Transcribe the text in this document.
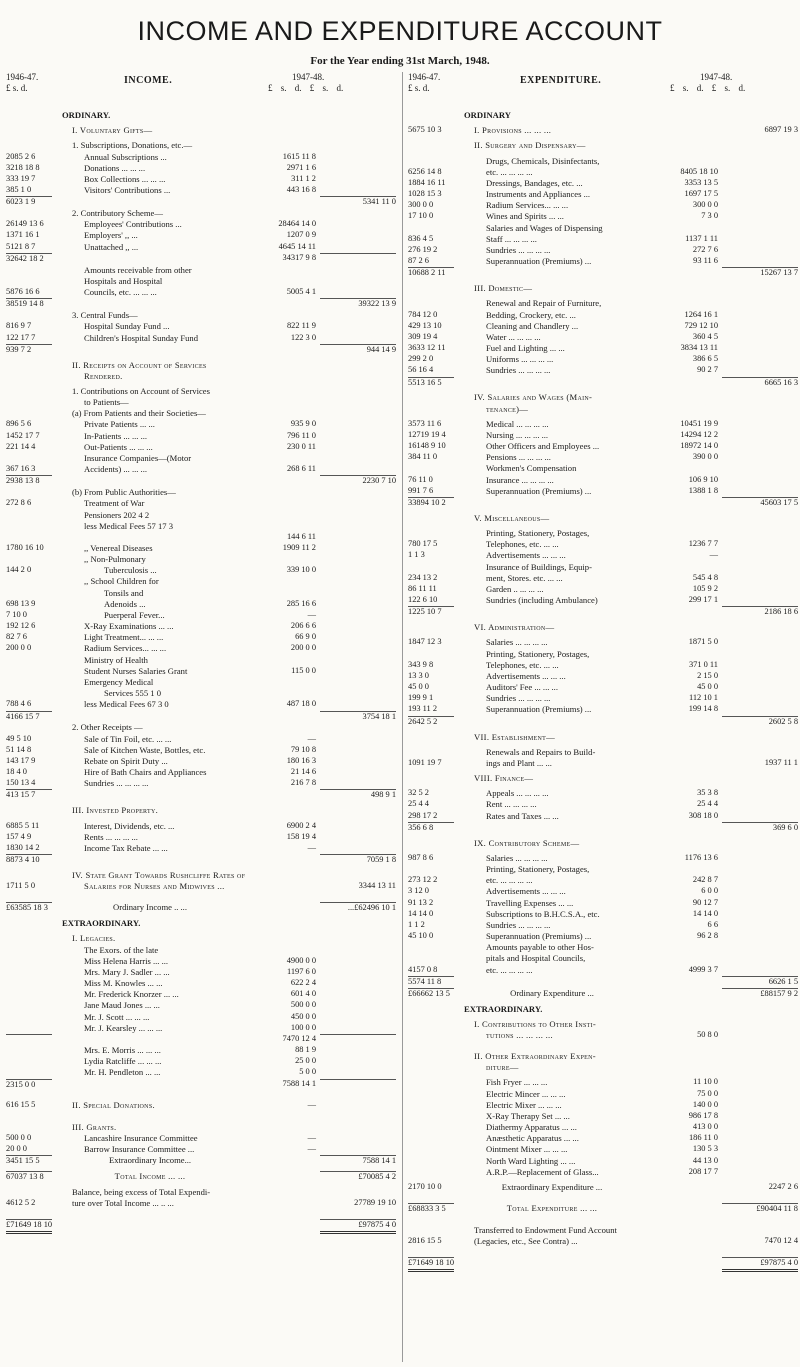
INCOME AND EXPENDITURE ACCOUNT
For the Year ending 31st March, 1948.
1946-47.
£ s. d.
INCOME.	1947-48.
£ s. d. £ s. d.
ORDINARY.
I. Voluntary Gifts—
1. Subscriptions, Donations, etc.—
2085 2 6	Annual Subscriptions ...	1615 11 8
3218 18 8	Donations ... ... ...	2971 1 6
333 19 7	Box Collections ... ... ...	311 1 2
385 1 0	Visitors' Contributions ...	443 16 8
6023 1 9	5341 11 0
2. Contributory Scheme—
26149 13 6	Employees' Contributions ...	28464 14 0
1371 16 1	Employers' ,, ...	1207 0 9
5121 8 7	Unattached ,, ...	4645 14 11
32642 18 2	34317 9 8
Amounts receivable from other
Hospitals and Hospital
5876 16 6	Councils, etc. ... ... ...	5005 4 1
38519 14 8	39322 13 9
3. Central Funds—
816 9 7	Hospital Sunday Fund ...	822 11 9
122 17 7	Children's Hospital Sunday Fund	122 3 0
939 7 2	944 14 9
II. Receipts on Account of Services
Rendered.
1. Contributions on Account of Services
to Patients—
(a) From Patients and their Societies—
896 5 6	Private Patients ... ...	935 9 0
1452 17 7	In-Patients ... ... ...	796 11 0
221 14 4	Out-Patients ... ... ...	230 0 11
Insurance Companies—(Motor
367 16 3	Accidents) ... ... ...	268 6 11
2938 13 8	2230 7 10
(b) From Public Authorities—
272 8 6	Treatment of War
Pensioners 202 4 2
less Medical Fees 57 17 3
144 6 11
1780 16 10	,, Venereal Diseases	1909 11 2
,, Non-Pulmonary
144 2 0	Tuberculosis ...	339 10 0
,, School Children for
Tonsils and
698 13 9	Adenoids ...	285 16 6
7 10 0	Puerperal Fever...	—
192 12 6	X-Ray Examinations ... ...	206 6 6
82 7 6	Light Treatment... ... ...	66 9 0
200 0 0	Radium Services... ... ...	200 0 0
Ministry of Health
Student Nurses Salaries Grant	115 0 0
Emergency Medical
Services 555 1 0
788 4 6	less Medical Fees 67 3 0	487 18 0
4166 15 7	3754 18 1
2. Other Receipts —
49 5 10	Sale of Tin Foil, etc. ... ...	—
51 14 8	Sale of Kitchen Waste, Bottles, etc.	79 10 8
143 17 9	Rebate on Spirit Duty ...	180 16 3
18 4 0	Hire of Bath Chairs and Appliances	21 14 6
150 13 4	Sundries ... ... ... ...	216 7 8
413 15 7	498 9 1
III. Invested Property.
6885 5 11	Interest, Dividends, etc. ...	6900 2 4
157 4 9	Rents ... ... ... ...	158 19 4
1830 14 2	Income Tax Rebate ... ...	—
8873 4 10	7059 1 8
IV. State Grant Towards Rushcliffe Rates of
1711 5 0	Salaries for Nurses and Midwives ...	3344 13 11
£63585 18 3	Ordinary Income .. ...	...£62496 10 1
EXTRAORDINARY.
I. Legacies.
The Exors. of the late
Miss Helena Harris ... ...	4900 0 0
Mrs. Mary J. Sadler ... ...	1197 6 0
Miss M. Knowles ... ...	622 2 4
Mr. Frederick Knorzer ... ...	601 4 0
Jane Maud Jones ... ...	500 0 0
Mr. J. Scott ... ... ...	450 0 0
Mr. J. Kearsley ... ... ...	100 0 0
7470 12 4
Mrs. E. Morris ... ... ...	88 1 9
Lydia Ratcliffe ... ... ...	25 0 0
Mr. H. Pendleton ... ...	5 0 0
2315 0 0	7588 14 1
616 15 5	II. Special Donations.	—
III. Grants.
500 0 0	Lancashire Insurance Committee	—
20 0 0	Barrow Insurance Committee ...	—
3451 15 5	Extraordinary Income...	7588 14 1
67037 13 8	Total Income ... ...	£70085 4 2
Balance, being excess of Total Expendi-
4612 5 2	ture over Total Income ... .. ...	27789 19 10
£71649 18 10	£97875 4 0
1946-47.
£ s. d.
EXPENDITURE.	1947-48.
£ s. d. £ s. d.
ORDINARY
5675 10 3	I. Provisions ... ... ...	6897 19 3
II. Surgery and Dispensary—
Drugs, Chemicals, Disinfectants,
6256 14 8	etc. ... ... ... ...	8405 18 10
1884 16 11	Dressings, Bandages, etc. ...	3353 13 5
1028 15 3	Instruments and Appliances ...	1697 17 5
300 0 0	Radium Services... ... ...	300 0 0
17 10 0	Wines and Spirits ... ...	7 3 0
Salaries and Wages of Dispensing
836 4 5	Staff ... ... ... ...	1137 1 11
276 19 2	Sundries ... ... ... ...	272 7 6
87 2 6	Superannuation (Premiums) ...	93 11 6
10688 2 11	15267 13 7
III. Domestic—
Renewal and Repair of Furniture,
784 12 0	Bedding, Crockery, etc. ...	1264 16 1
429 13 10	Cleaning and Chandlery ...	729 12 10
309 19 4	Water ... ... ... ...	360 4 5
3633 12 11	Fuel and Lighting ... ...	3834 13 11
299 2 0	Uniforms ... ... ... ...	386 6 5
56 16 4	Sundries ... ... ... ...	90 2 7
5513 16 5	6665 16 3
IV. Salaries and Wages (Main-
tenance)—
3573 11 6	Medical ... ... ... ...	10451 19 9
12719 19 4	Nursing ... ... ... ...	14294 12 2
16148 9 10	Other Officers and Employees ...	18972 14 0
384 11 0	Pensions ... ... ... ...	390 0 0
Workmen's Compensation
76 11 0	Insurance ... ... ... ...	106 9 10
991 7 6	Superannuation (Premiums) ...	1388 1 8
33894 10 2	45603 17 5
V. Miscellaneous—
Printing, Stationery, Postages,
780 17 5	Telephones, etc. ... ...	1236 7 7
1 1 3	Advertisements ... ... ...	—
Insurance of Buildings, Equip-
234 13 2	ment, Stores. etc. ... ...	545 4 8
86 11 11	Garden .. ... ... ...	105 9 2
122 6 10	Sundries (including Ambulance)	299 17 1
1225 10 7	2186 18 6
VI. Administration—
1847 12 3	Salaries ... ... ... ...	1871 5 0
Printing, Stationery, Postages,
343 9 8	Telephones, etc. ... ...	371 0 11
13 3 0	Advertisements ... ... ...	2 15 0
45 0 0	Auditors' Fee ... ... ...	45 0 0
199 9 1	Sundries ... ... ... ...	112 10 1
193 11 2	Superannuation (Premiums) ...	199 14 8
2642 5 2	2602 5 8
VII. Establishment—
Renewals and Repairs to Build-
1091 19 7	ings and Plant ... ...	1937 11 1
VIII. Finance—
32 5 2	Appeals ... ... ... ...	35 3 8
25 4 4	Rent ... ... ... ...	25 4 4
298 17 2	Rates and Taxes ... ...	308 18 0
356 6 8	369 6 0
IX. Contributory Scheme—
987 8 6	Salaries ... ... ... ...	1176 13 6
Printing, Stationery, Postages,
273 12 2	etc. ... ... ... ...	242 8 7
3 12 0	Advertisements ... ... ...	6 0 0
91 13 2	Travelling Expenses ... ...	90 12 7
14 14 0	Subscriptions to B.H.C.S.A., etc.	14 14 0
1 1 2	Sundries ... ... ... ...	6 6
45 10 0	Superannuation (Premiums) ...	96 2 8
Amounts payable to other Hos-
pitals and Hospital Councils,
4157 0 8	etc. ... ... ... ...	4999 3 7
5574 11 8	6626 1 5
£66662 13 5	Ordinary Expenditure ...	£88157 9 2
EXTRAORDINARY.
I. Contributions to Other Insti-
tutions ... ... ... ...	50 8 0
II. Other Extraordinary Expen-
diture—
Fish Fryer ... ... ...	11 10 0
Electric Mincer ... ... ...	75 0 0
Electric Mixer ... ... ...	140 0 0
X-Ray Therapy Set ... ...	986 17 8
Diathermy Apparatus ... ...	413 0 0
Anæsthetic Apparatus ... ...	186 11 0
Ointment Mixer ... ... ...	130 5 3
North Ward Lighting ... ...	44 13 0
A.R.P.—Replacement of Glass...	208 17 7
2170 10 0	Extraordinary Expenditure ...	2247 2 6
£68833 3 5	Total Expenditure ... ...	£90404 11 8
Transferred to Endowment Fund Account
2816 15 5	(Legacies, etc., See Contra) ...	7470 12 4
£71649 18 10	£97875 4 0
